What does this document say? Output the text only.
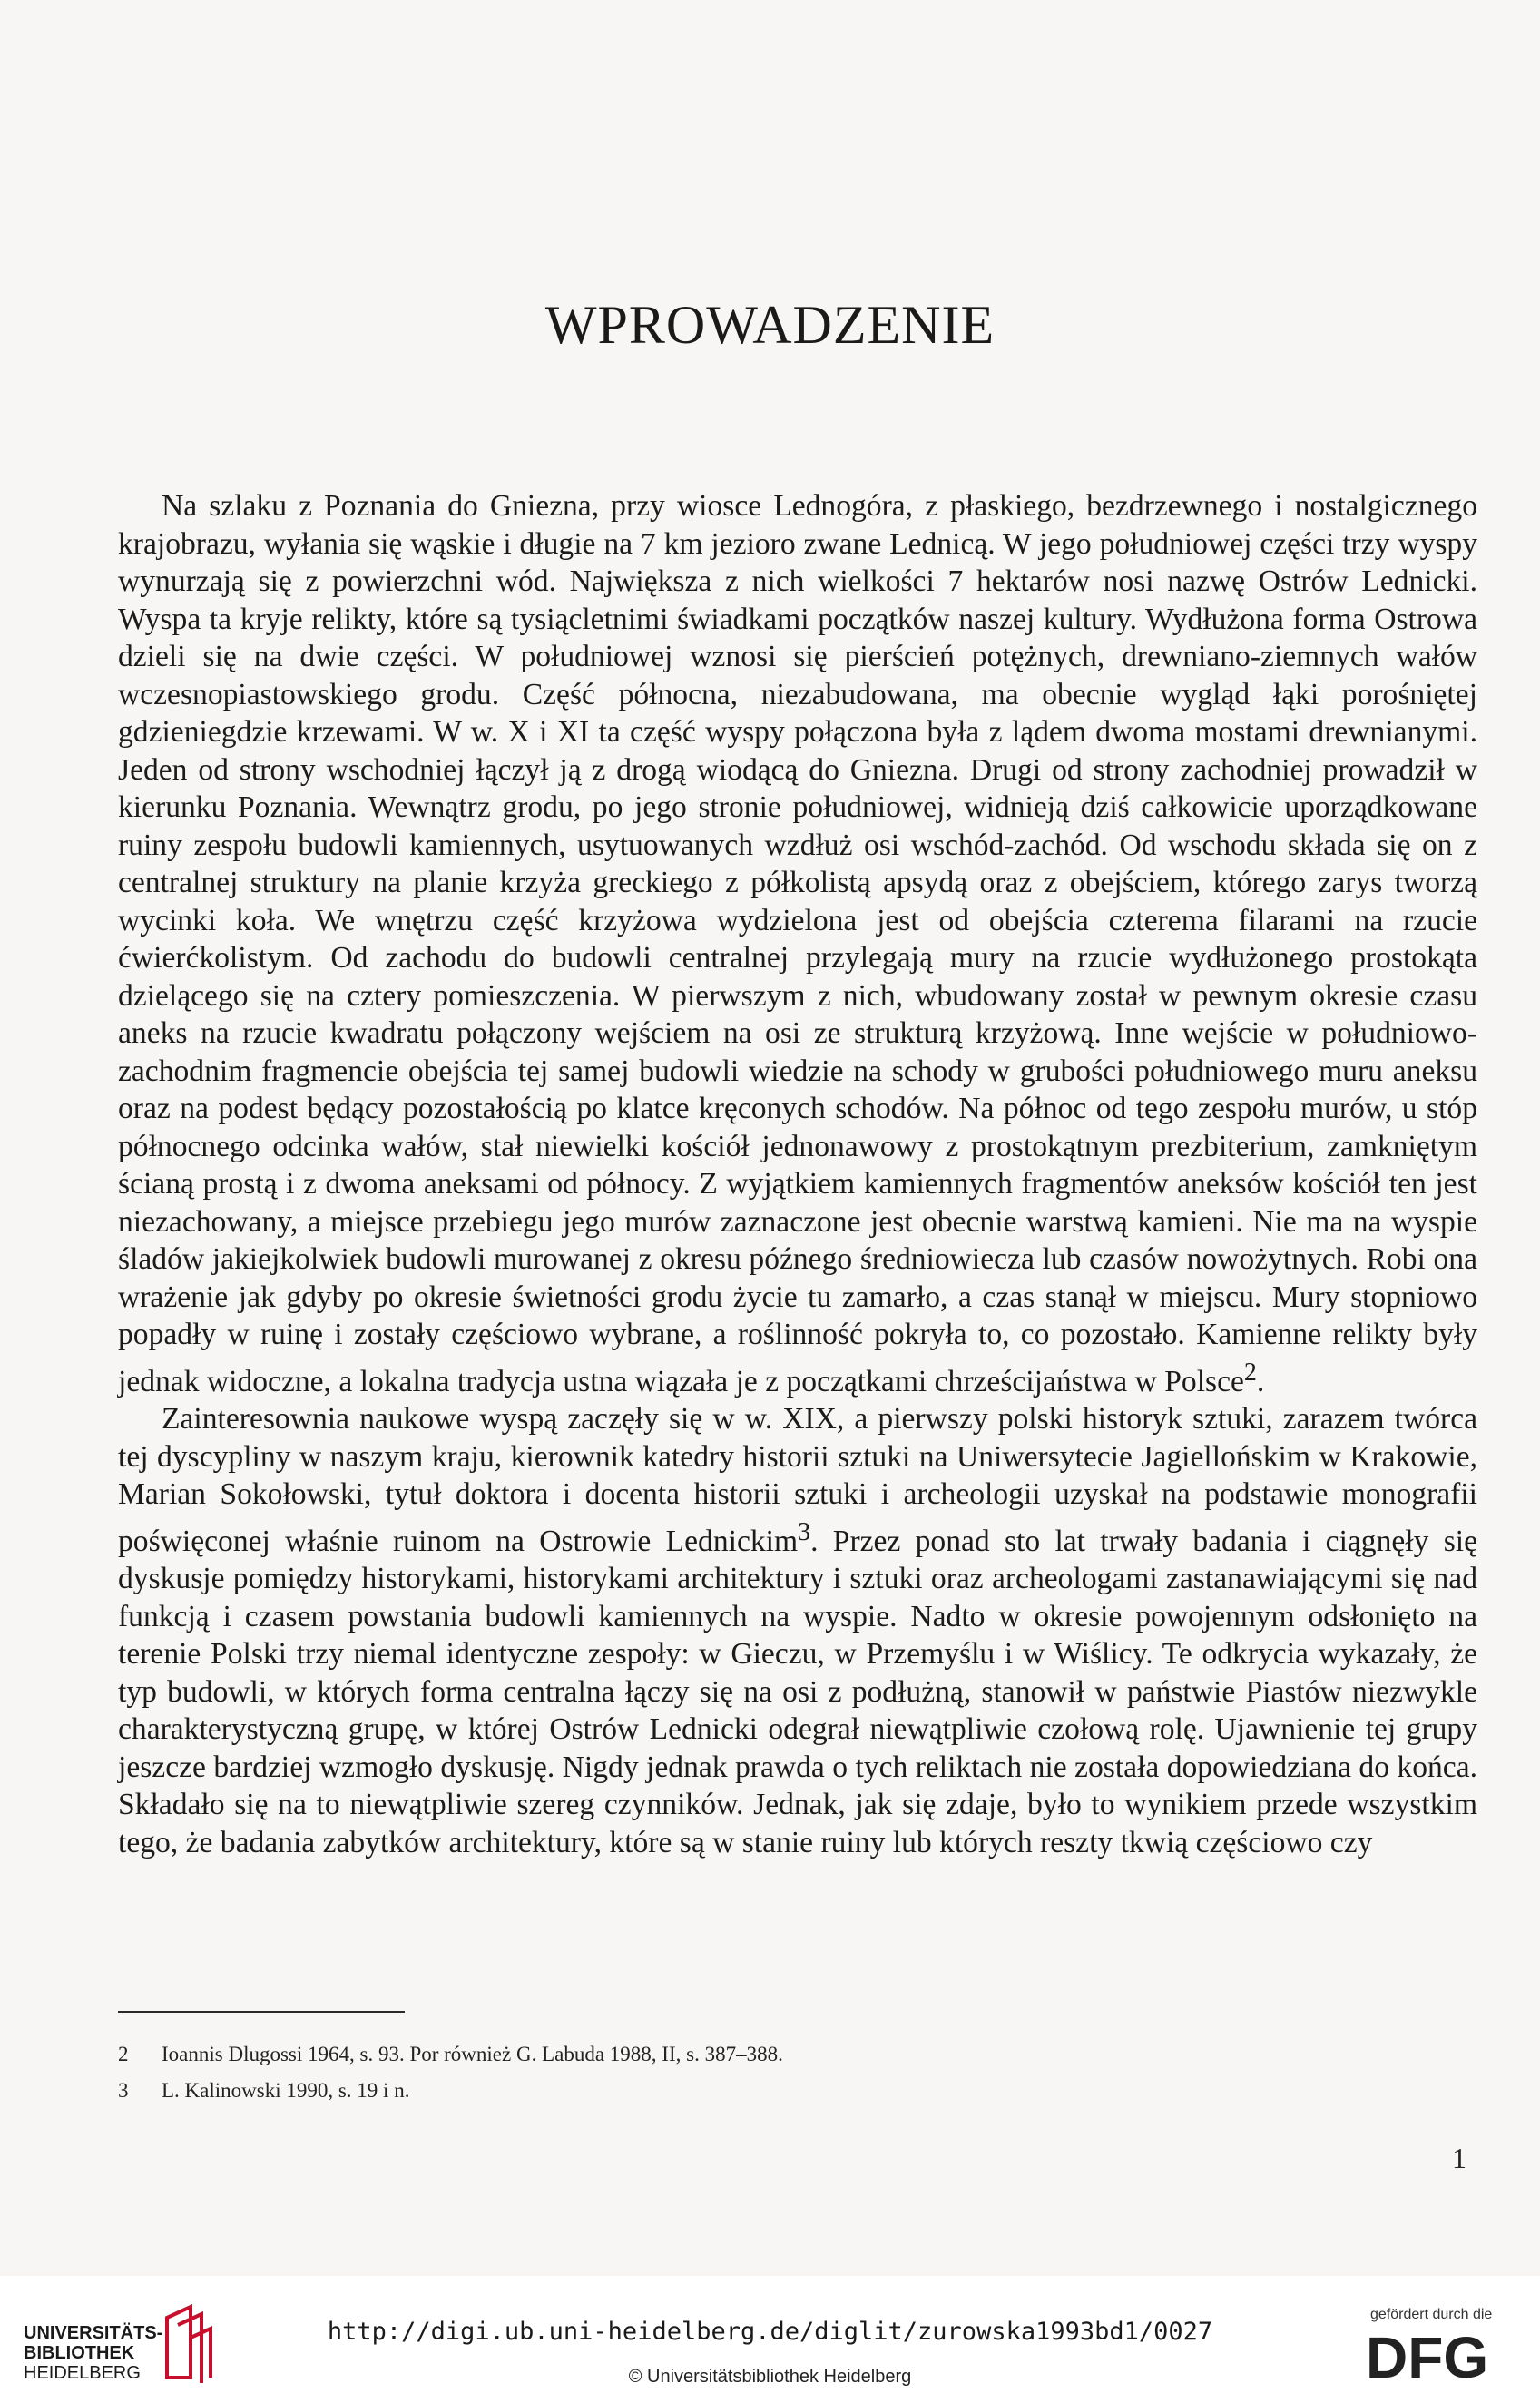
WPROWADZENIE

Na szlaku z Poznania do Gniezna, przy wiosce Lednogóra, z płaskiego, bezdrzewnego i nostalgicznego krajobrazu, wyłania się wąskie i długie na 7 km jezioro zwane Lednicą. W jego południowej części trzy wyspy wynurzają się z powierzchni wód. Największa z nich wielkości 7 hektarów nosi nazwę Ostrów Lednicki. Wyspa ta kryje relikty, które są tysiącletnimi świadkami początków naszej kultury. Wydłużona forma Ostrowa dzieli się na dwie części. W południowej wznosi się pierścień potężnych, drewniano-ziemnych wałów wczesnopiastowskiego grodu. Część północna, niezabudowana, ma obecnie wygląd łąki porośniętej gdzieniegdzie krzewami. W w. X i XI ta część wyspy połączona była z lądem dwoma mostami drewnianymi. Jeden od strony wschodniej łączył ją z drogą wiodącą do Gniezna. Drugi od strony zachodniej prowadził w kierunku Poznania. Wewnątrz grodu, po jego stronie południowej, widnieją dziś całkowicie uporządkowane ruiny zespołu budowli kamiennych, usytuowanych wzdłuż osi wschód-zachód. Od wschodu składa się on z centralnej struktury na planie krzyża greckiego z półkolistą apsydą oraz z obejściem, którego zarys tworzą wycinki koła. We wnętrzu część krzyżowa wydzielona jest od obejścia czterema filarami na rzucie ćwierćkolistym. Od zachodu do budowli centralnej przylegają mury na rzucie wydłużonego prostokąta dzielącego się na cztery pomieszczenia. W pierwszym z nich, wbudowany został w pewnym okresie czasu aneks na rzucie kwadratu połączony wejściem na osi ze strukturą krzyżową. Inne wejście w południowo-zachodnim fragmencie obejścia tej samej budowli wiedzie na schody w grubości południowego muru aneksu oraz na podest będący pozostałością po klatce kręconych schodów. Na północ od tego zespołu murów, u stóp północnego odcinka wałów, stał niewielki kościół jednonawowy z prostokątnym prezbiterium, zamkniętym ścianą prostą i z dwoma aneksami od północy. Z wyjątkiem kamiennych fragmentów aneksów kościół ten jest niezachowany, a miejsce przebiegu jego murów zaznaczone jest obecnie warstwą kamieni. Nie ma na wyspie śladów jakiejkolwiek budowli murowanej z okresu późnego średniowiecza lub czasów nowożytnych. Robi ona wrażenie jak gdyby po okresie świetności grodu życie tu zamarło, a czas stanął w miejscu. Mury stopniowo popadły w ruinę i zostały częściowo wybrane, a roślinność pokryła to, co pozostało. Kamienne relikty były jednak widoczne, a lokalna tradycja ustna wiązała je z początkami chrześcijaństwa w Polsce$^2$.

Zainteresownia naukowe wyspą zaczęły się w w. XIX, a pierwszy polski historyk sztuki, zarazem twórca tej dyscypliny w naszym kraju, kierownik katedry historii sztuki na Uniwersytecie Jagiellońskim w Krakowie, Marian Sokołowski, tytuł doktora i docenta historii sztuki i archeologii uzyskał na podstawie monografii poświęconej właśnie ruinom na Ostrowie Lednickim$^3$. Przez ponad sto lat trwały badania i ciągnęły się dyskusje pomiędzy historykami, historykami architektury i sztuki oraz archeologami zastanawiającymi się nad funkcją i czasem powstania budowli kamiennych na wyspie. Nadto w okresie powojennym odsłonięto na terenie Polski trzy niemal identyczne zespoły: w Gieczu, w Przemyślu i w Wiślicy. Te odkrycia wykazały, że typ budowli, w których forma centralna łączy się na osi z podłużną, stanowił w państwie Piastów niezwykle charakterystyczną grupę, w której Ostrów Lednicki odegrał niewątpliwie czołową rolę. Ujawnienie tej grupy jeszcze bardziej wzmogło dyskusję. Nigdy jednak prawda o tych reliktach nie została dopowiedziana do końca. Składało się na to niewątpliwie szereg czynników. Jednak, jak się zdaje, było to wynikiem przede wszystkim tego, że badania zabytków architektury, które są w stanie ruiny lub których reszty tkwią częściowo czy

2	Ioannis Dlugossi 1964, s. 93. Por również G. Labuda 1988, II, s. 387–388.
3	L. Kalinowski 1990, s. 19 i n.
1
UNIVERSITÄTS-
BIBLIOTHEK
HEIDELBERG
http://digi.ub.uni-heidelberg.de/diglit/zurowska1993bd1/0027
© Universitätsbibliothek Heidelberg
gefördert durch die
DFG
